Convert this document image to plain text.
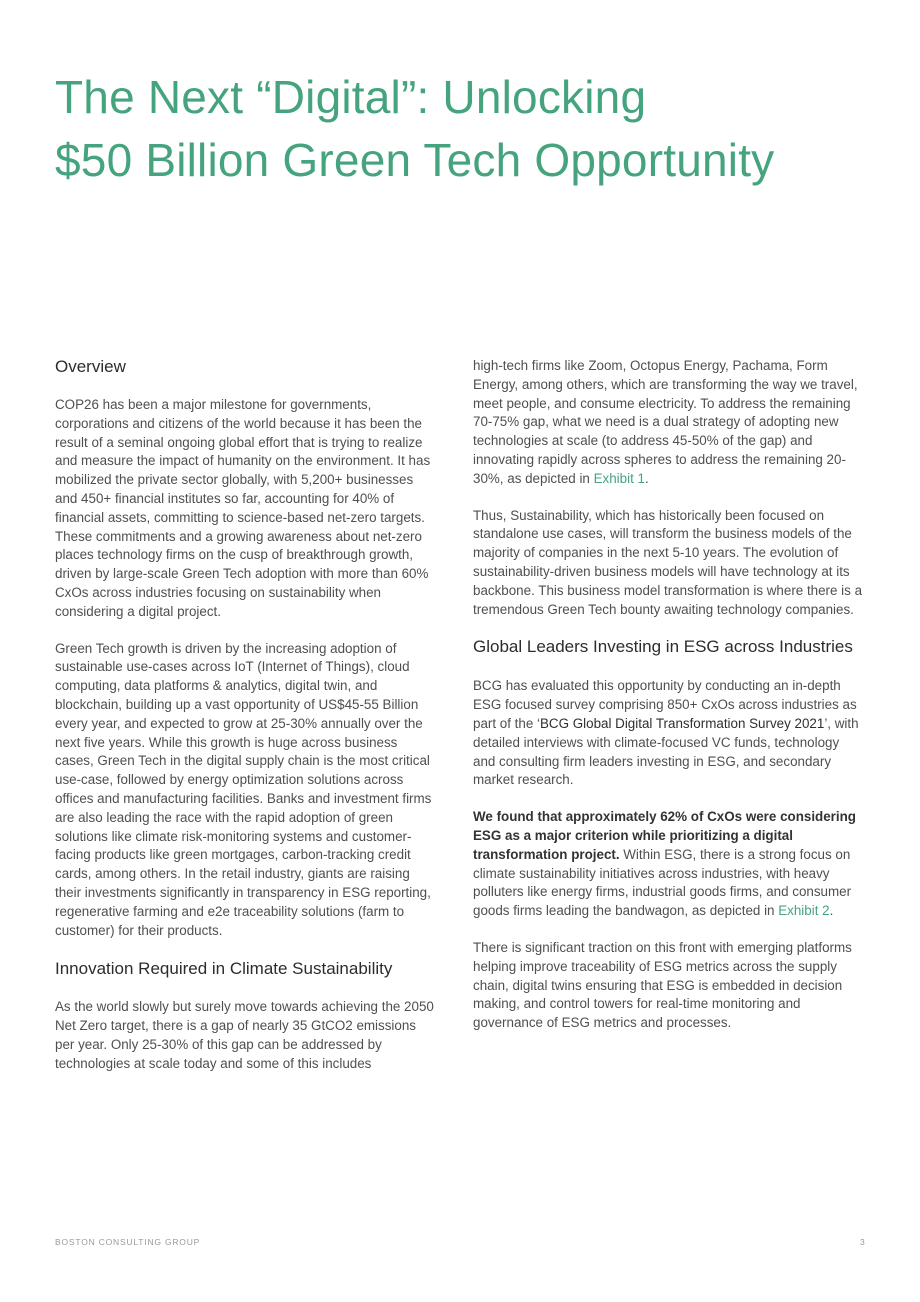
The Next “Digital”: Unlocking
$50 Billion Green Tech Opportunity
Overview

COP26 has been a major milestone for governments, corporations and citizens of the world because it has been the result of a seminal ongoing global effort that is trying to realize and measure the impact of humanity on the environment. It has mobilized the private sector globally, with 5,200+ businesses and 450+ financial institutes so far, accounting for 40% of financial assets, committing to science-based net-zero targets. These commitments and a growing awareness about net-zero places technology firms on the cusp of breakthrough growth, driven by large-scale Green Tech adoption with more than 60% CxOs across industries focusing on sustainability when considering a digital project.

Green Tech growth is driven by the increasing adoption of sustainable use-cases across IoT (Internet of Things), cloud computing, data platforms & analytics, digital twin, and blockchain, building up a vast opportunity of US$45-55 Billion every year, and expected to grow at 25-30% annually over the next five years. While this growth is huge across business cases, Green Tech in the digital supply chain is the most critical use-case, followed by energy optimization solutions across offices and manufacturing facilities. Banks and investment firms are also leading the race with the rapid adoption of green solutions like climate risk-monitoring systems and customer-facing products like green mortgages, carbon-tracking credit cards, among others. In the retail industry, giants are raising their investments significantly in transparency in ESG reporting, regenerative farming and e2e traceability solutions (farm to customer) for their products.

Innovation Required in Climate Sustainability

As the world slowly but surely move towards achieving the 2050 Net Zero target, there is a gap of nearly 35 GtCO2 emissions per year. Only 25-30% of this gap can be addressed by technologies at scale today and some of this includes

high-tech firms like Zoom, Octopus Energy, Pachama, Form Energy, among others, which are transforming the way we travel, meet people, and consume electricity. To address the remaining 70-75% gap, what we need is a dual strategy of adopting new technologies at scale (to address 45-50% of the gap) and innovating rapidly across spheres to address the remaining 20-30%, as depicted in Exhibit 1.

Thus, Sustainability, which has historically been focused on standalone use cases, will transform the business models of the majority of companies in the next 5-10 years. The evolution of sustainability-driven business models will have technology at its backbone. This business model transformation is where there is a tremendous Green Tech bounty awaiting technology companies.

Global Leaders Investing in ESG across Industries

BCG has evaluated this opportunity by conducting an in-depth ESG focused survey comprising 850+ CxOs across industries as part of the ‘BCG Global Digital Transformation Survey 2021’, with detailed interviews with climate-focused VC funds, technology and consulting firm leaders investing in ESG, and secondary market research.

We found that approximately 62% of CxOs were considering ESG as a major criterion while prioritizing a digital transformation project. Within ESG, there is a strong focus on climate sustainability initiatives across industries, with heavy polluters like energy firms, industrial goods firms, and consumer goods firms leading the bandwagon, as depicted in Exhibit 2.

There is significant traction on this front with emerging platforms helping improve traceability of ESG metrics across the supply chain, digital twins ensuring that ESG is embedded in decision making, and control towers for real-time monitoring and governance of ESG metrics and processes.

BOSTON CONSULTING GROUP	3
